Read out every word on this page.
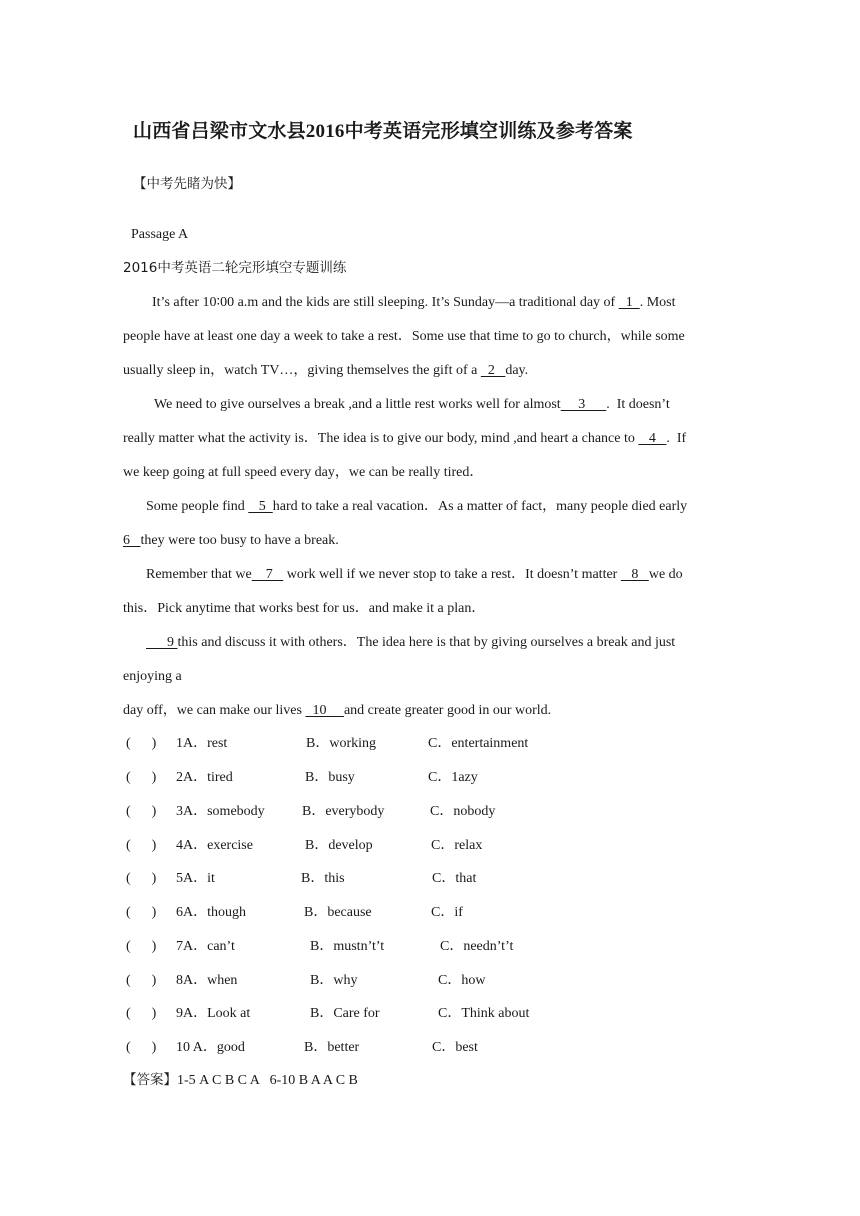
山西省吕梁市文水县2016中考英语完形填空训练及参考答案
【中考先睹为快】
Passage A
2016中考英语二轮完形填空专题训练
It’s after 10∶00 a.m and the kids are still sleeping. It’s Sunday—a traditional day of   1  . Most
people have at least one day a week to take a rest．Some use that time to go to church，while some
usually sleep in，watch TV…，giving themselves the gift of a   2   day.
We need to give ourselves a break ,and a little rest works well for almost     3      .  It doesn’t
really matter what the activity is．The idea is to give our body, mind ,and heart a chance to    4   .  If
we keep going at full speed every day，we can be really tired．
Some people find    5  hard to take a real vacation．As a matter of fact，many people died early
6   they were too busy to have a break.
Remember that we    7    work well if we never stop to take a rest．It doesn’t matter    8   we do
this．Pick anytime that works best for us．and make it a plan．
9 this and discuss it with others．The idea here is that by giving ourselves a break and just
enjoying a
day off，we can make our lives   10     and create greater good in our world.
(      ) 1A．rest	B．working	C．entertainment
(      ) 2A．tired	B．busy	C．1azy
(      ) 3A．somebody	B．everybody	C．nobody
(      ) 4A．exercise	B．develop	C．relax
(      ) 5A．it	B．this	C．that
(      ) 6A．though	B．because	C．if
(      ) 7A．can’t	B．mustn’t’t	C．needn’t’t
(      ) 8A．when	B．why	C．how
(      ) 9A．Look at	B．Care for	C．Think about
(      ) 10 A．good	B．better	C．best
【答案】1-5 A C B C A   6-10 B A A C B
